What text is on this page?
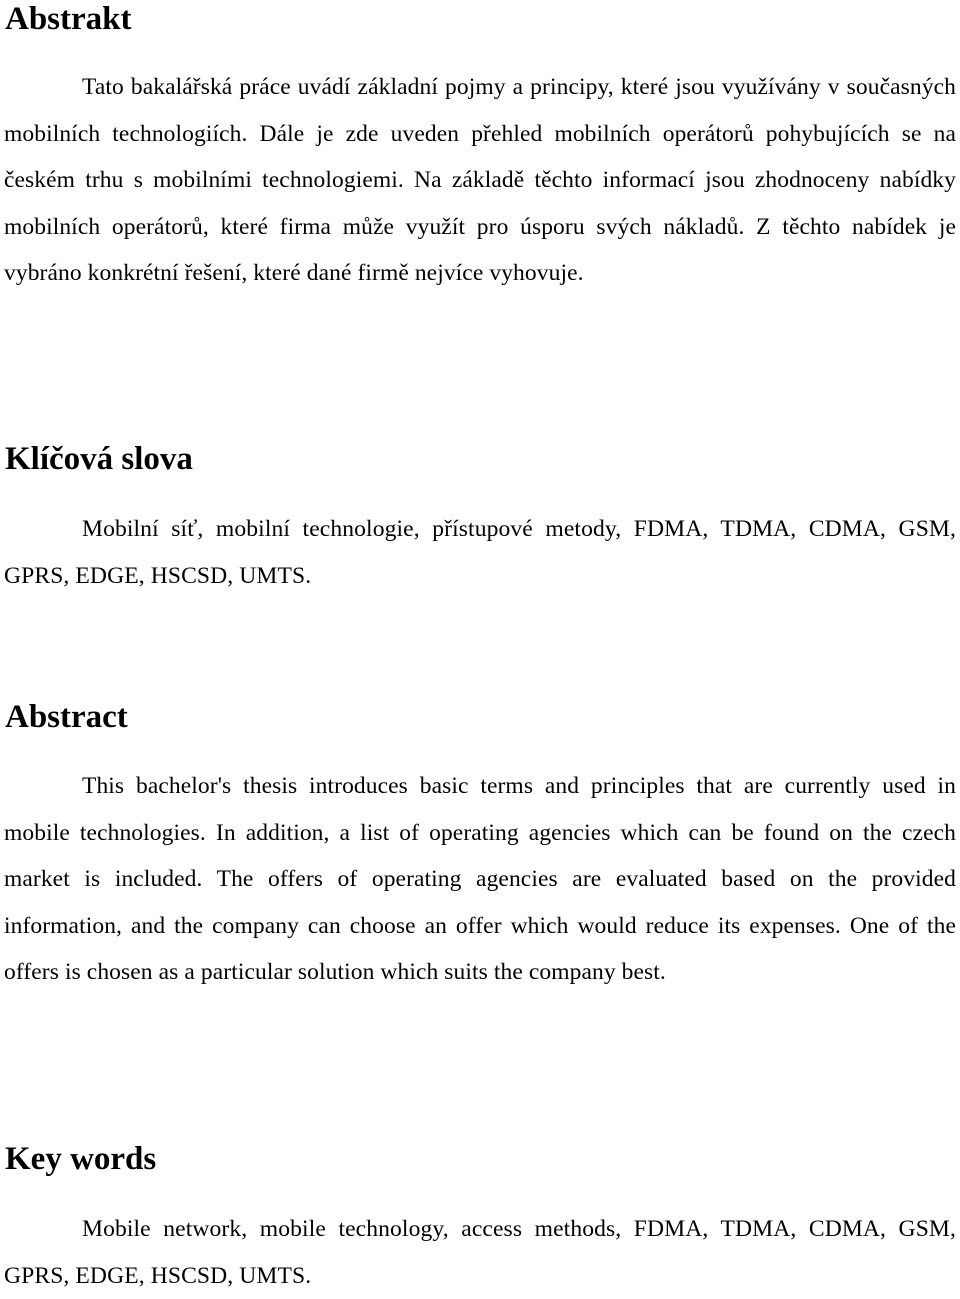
Abstrakt

Tato bakalářská práce uvádí základní pojmy a principy, které jsou využívány v současných mobilních technologiích. Dále je zde uveden přehled mobilních operátorů pohybujících se na českém trhu s mobilními technologiemi. Na základě těchto informací jsou zhodnoceny nabídky mobilních operátorů, které firma může využít pro úsporu svých nákladů. Z těchto nabídek je vybráno konkrétní řešení, které dané firmě nejvíce vyhovuje.

Klíčová slova

Mobilní síť, mobilní technologie, přístupové metody, FDMA, TDMA, CDMA, GSM, GPRS, EDGE, HSCSD, UMTS.

Abstract

This bachelor's thesis introduces basic terms and principles that are currently used in mobile technologies. In addition, a list of operating agencies which can be found on the czech market is included. The offers of operating agencies are evaluated based on the provided information, and the company can choose an offer which would reduce its expenses. One of the offers is chosen as a particular solution which suits the company best.

Key words

Mobile network, mobile technology, access methods, FDMA, TDMA, CDMA, GSM, GPRS, EDGE, HSCSD, UMTS.
